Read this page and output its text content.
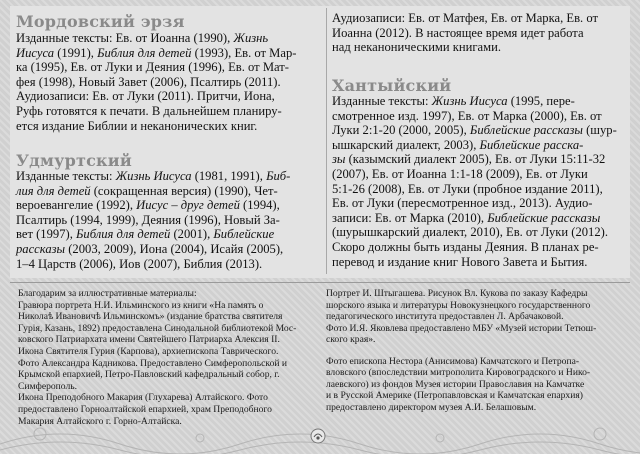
Мордовский эрзя
Изданные тексты: Ев. от Иоанна (1990), Жизнь
Иисуса (1991), Библия для детей (1993), Ев. от Мар-
ка (1995), Ев. от Луки и Деяния (1996), Ев. от Мат-
фея (1998), Новый Завет (2006), Псалтирь (2011).
Аудиозаписи: Ев. от Луки (2011). Притчи, Иона,
Руфь готовятся к печати. В дальнейшем планиру-
ется издание Библии и неканонических книг.
Удмуртский
Изданные тексты: Жизнь Иисуса (1981, 1991), Биб-
лия для детей (сокращенная версия) (1990), Чет-
вероевангелие (1992), Иисус – друг детей (1994),
Псалтирь (1994, 1999), Деяния (1996), Новый За-
вет (1997), Библия для детей (2001), Библейские
рассказы (2003, 2009), Иона (2004), Исайя (2005),
1–4 Царств (2006), Иов (2007), Библия (2013).
Аудиозаписи: Ев. от Матфея, Ев. от Марка, Ев. от
Иоанна (2012). В настоящее время идет работа
над неканоническими книгами.
Хантыйский
Изданные тексты: Жизнь Иисуса (1995, пере-
смотренное изд. 1997), Ев. от Марка (2000), Ев. от
Луки 2:1-20 (2000, 2005), Библейские рассказы (шур-
ышкарский диалект, 2003), Библейские расска-
зы (казымский диалект 2005), Ев. от Луки 15:11-32
(2007), Ев. от Иоанна 1:1-18 (2009), Ев. от Луки
5:1-26 (2008), Ев. от Луки (пробное издание 2011),
Ев. от Луки (пересмотренное изд., 2013). Аудио-
записи: Ев. от Марка (2010), Библейские рассказы
(шурышкарский диалект, 2010), Ев. от Луки (2012).
Скоро должны быть изданы Деяния. В планах ре-
перевод и издание книг Нового Завета и Бытия.
Благодарим за иллюстративные материалы:
Гравюра портрета Н.И. Ильминского из книги «На память о
Николаѣ Ивановичѣ Ильминскомъ» (издание братства святителя
Гурія, Казань, 1892) предоставлена Синодальной библиотекой Мос-
ковского Патриархата имени Святейшего Патриарха Алексия II.
Икона Святителя Гурия (Карпова), архиепископа Таврического.
Фото Александра Кадникова. Предоставлено Симферопольской и
Крымской епархией, Петро-Павловский кафедральный собор, г.
Симферополь.
Икона Преподобного Макария (Глухарева) Алтайского. Фото
предоставлено Горноалтайской епархией, храм Преподобного
Макария Алтайского г. Горно-Алтайска.
Портрет И. Штыгашева. Рисунок Вл. Кукова по заказу Кафедры
шорского языка и литературы Новокузнецкого государственного
педагогического института предоставлен Л. Арбачаковой.
Фото И.Я. Яковлева предоставлено МБУ «Музей истории Тетюш-
ского края».
Фото епископа Нестора (Анисимова) Камчатского и Петропа-
вловского (впоследствии митрополита Кировоградского и Нико-
лаевского) из фондов Музея истории Православия на Камчатке
и в Русской Америке (Петропавловская и Камчатская епархия)
предоставлено директором музея А.И. Белашовым.
